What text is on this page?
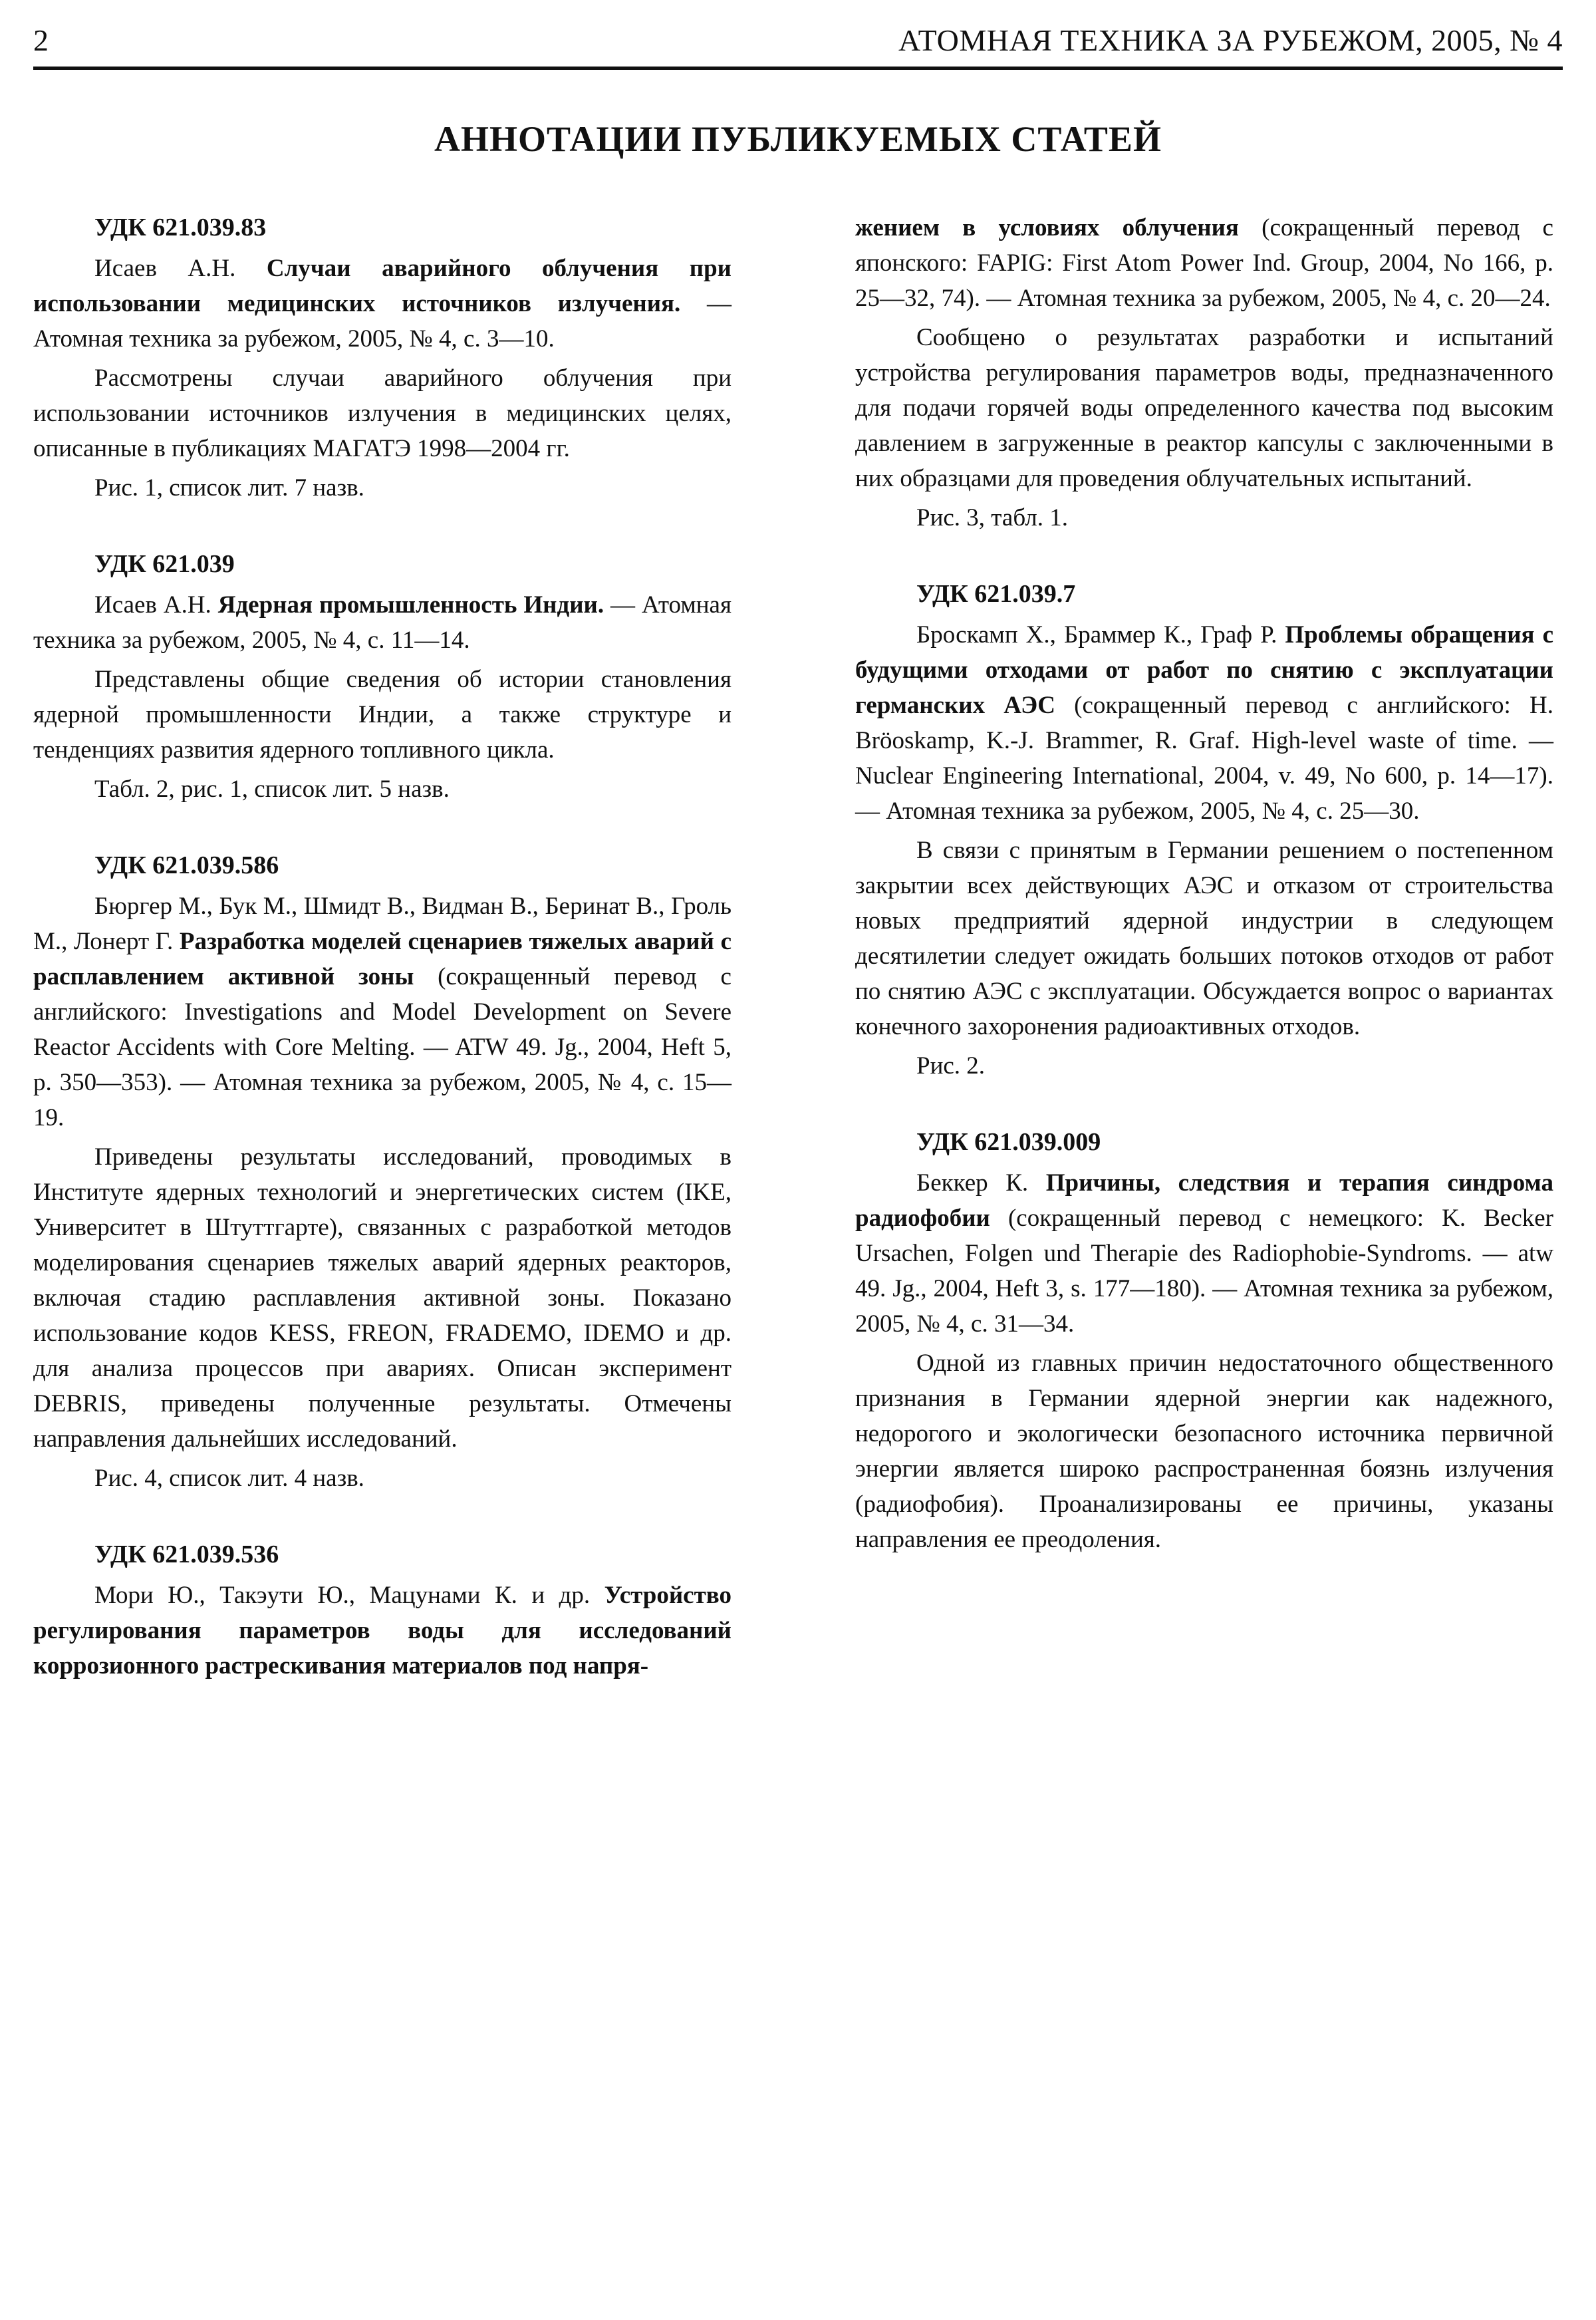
2	АТОМНАЯ ТЕХНИКА ЗА РУБЕЖОМ, 2005, № 4
АННОТАЦИИ ПУБЛИКУЕМЫХ СТАТЕЙ

УДК 621.039.83

Исаев А.Н. Случаи аварийного облучения при использовании медицинских источников излучения. — Атомная техника за рубежом, 2005, № 4, с. 3—10.

Рассмотрены случаи аварийного облучения при использовании источников излучения в медицинских целях, описанные в публикациях МАГАТЭ 1998—2004 гг.

Рис. 1, список лит. 7 назв.

УДК 621.039

Исаев А.Н. Ядерная промышленность Индии. — Атомная техника за рубежом, 2005, № 4, с. 11—14.

Представлены общие сведения об истории становления ядерной промышленности Индии, а также структуре и тенденциях развития ядерного топливного цикла.

Табл. 2, рис. 1, список лит. 5 назв.

УДК 621.039.586

Бюргер М., Бук М., Шмидт В., Видман В., Беринат В., Гроль М., Лонерт Г. Разработка моделей сценариев тяжелых аварий с расплавлением активной зоны (сокращенный перевод с английского: Investigations and Model Development on Severe Reactor Accidents with Core Melting. — ATW 49. Jg., 2004, Heft 5, p. 350—353). — Атомная техника за рубежом, 2005, № 4, с. 15—19.

Приведены результаты исследований, проводимых в Институте ядерных технологий и энергетических систем (IKE, Университет в Штуттгарте), связанных с разработкой методов моделирования сценариев тяжелых аварий ядерных реакторов, включая стадию расплавления активной зоны. Показано использование кодов KESS, FREON, FRADEMO, IDEMO и др. для анализа процессов при авариях. Описан эксперимент DEBRIS, приведены полученные результаты. Отмечены направления дальнейших исследований.

Рис. 4, список лит. 4 назв.

УДК 621.039.536

Мори Ю., Такэути Ю., Мацунами К. и др. Устройство регулирования параметров воды для исследований коррозионного растрескивания материалов под напря-

жением в условиях облучения (сокращенный перевод с японского: FAPIG: First Atom Power Ind. Group, 2004, No 166, p. 25—32, 74). — Атомная техника за рубежом, 2005, № 4, с. 20—24.

Сообщено о результатах разработки и испытаний устройства регулирования параметров воды, предназначенного для подачи горячей воды определенного качества под высоким давлением в загруженные в реактор капсулы с заключенными в них образцами для проведения облучательных испытаний.

Рис. 3, табл. 1.

УДК 621.039.7

Броскамп Х., Браммер К., Граф Р. Проблемы обращения с будущими отходами от работ по снятию с эксплуатации германских АЭС (сокращенный перевод с английского: H. Bröoskamp, K.-J. Brammer, R. Graf. High-level waste of time. — Nuclear Engineering International, 2004, v. 49, No 600, p. 14—17). — Атомная техника за рубежом, 2005, № 4, с. 25—30.

В связи с принятым в Германии решением о постепенном закрытии всех действующих АЭС и отказом от строительства новых предприятий ядерной индустрии в следующем десятилетии следует ожидать больших потоков отходов от работ по снятию АЭС с эксплуатации. Обсуждается вопрос о вариантах конечного захоронения радиоактивных отходов.

Рис. 2.

УДК 621.039.009

Беккер К. Причины, следствия и терапия синдрома радиофобии (сокращенный перевод с немецкого: K. Becker Ursachen, Folgen und Therapie des Radiophobie-Syndroms. — atw 49. Jg., 2004, Heft 3, s. 177—180). — Атомная техника за рубежом, 2005, № 4, с. 31—34.

Одной из главных причин недостаточного общественного признания в Германии ядерной энергии как надежного, недорогого и экологически безопасного источника первичной энергии является широко распространенная боязнь излучения (радиофобия). Проанализированы ее причины, указаны направления ее преодоления.
